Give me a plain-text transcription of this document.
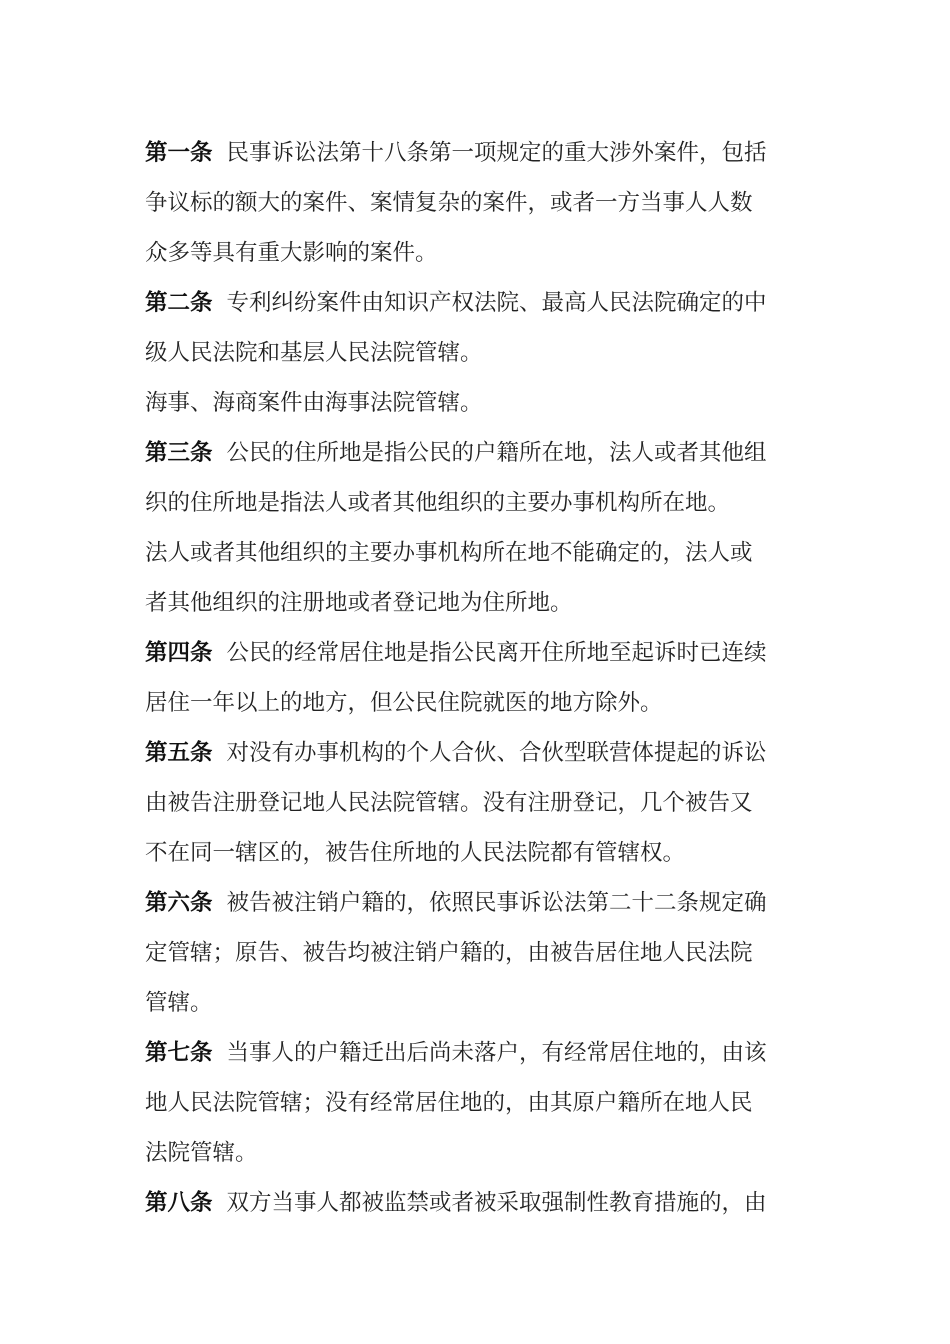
第一条 民事诉讼法第十八条第一项规定的重大涉外案件，包括
争议标的额大的案件、案情复杂的案件，或者一方当事人人数
众多等具有重大影响的案件。
第二条 专利纠纷案件由知识产权法院、最高人民法院确定的中
级人民法院和基层人民法院管辖。
海事、海商案件由海事法院管辖。
第三条 公民的住所地是指公民的户籍所在地，法人或者其他组
织的住所地是指法人或者其他组织的主要办事机构所在地。
法人或者其他组织的主要办事机构所在地不能确定的，法人或
者其他组织的注册地或者登记地为住所地。
第四条 公民的经常居住地是指公民离开住所地至起诉时已连续
居住一年以上的地方，但公民住院就医的地方除外。
第五条 对没有办事机构的个人合伙、合伙型联营体提起的诉讼
由被告注册登记地人民法院管辖。没有注册登记，几个被告又
不在同一辖区的，被告住所地的人民法院都有管辖权。
第六条 被告被注销户籍的，依照民事诉讼法第二十二条规定确
定管辖；原告、被告均被注销户籍的，由被告居住地人民法院
管辖。
第七条 当事人的户籍迁出后尚未落户，有经常居住地的，由该
地人民法院管辖；没有经常居住地的，由其原户籍所在地人民
法院管辖。
第八条 双方当事人都被监禁或者被采取强制性教育措施的，由
